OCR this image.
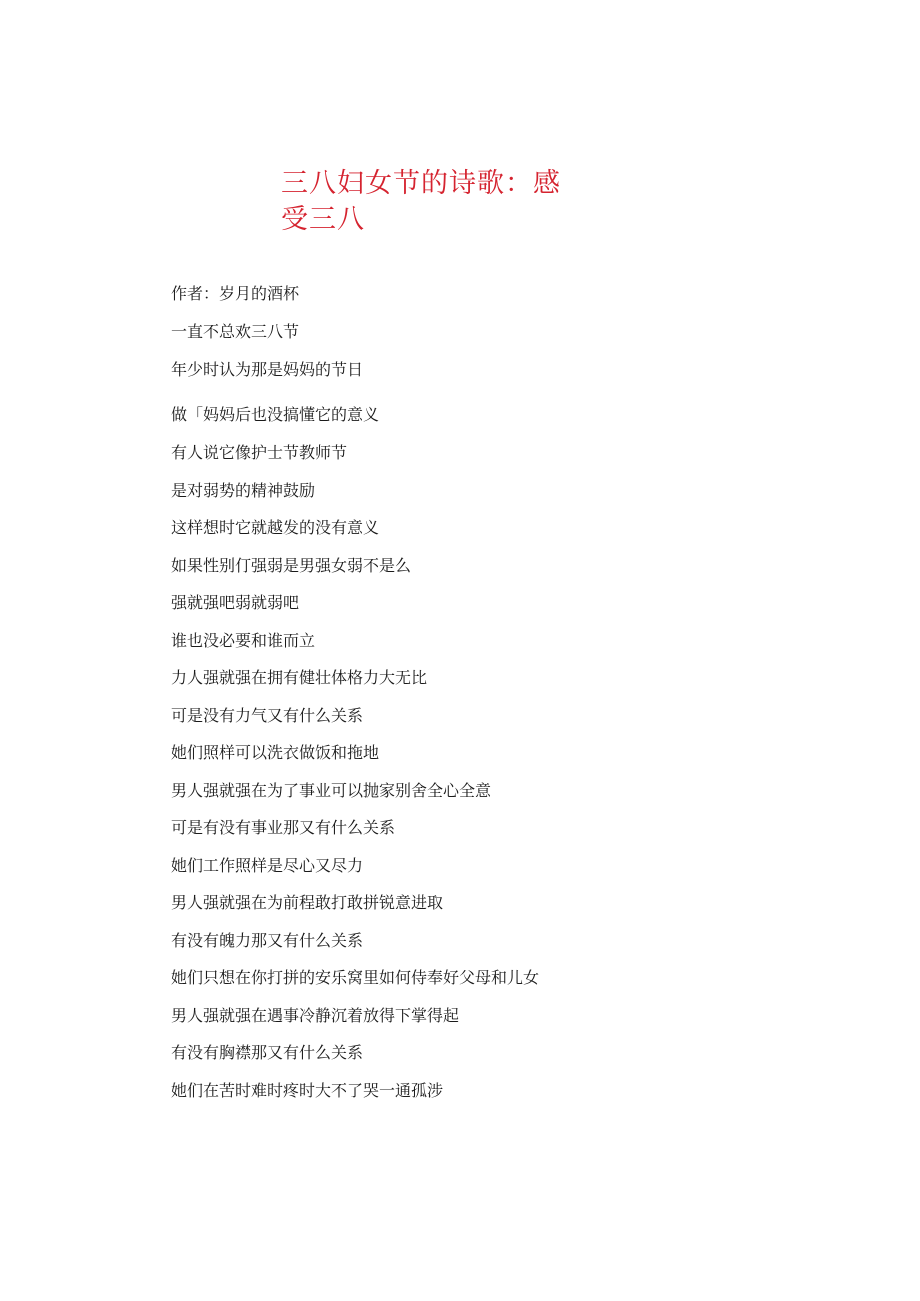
三八妇女节的诗歌：感受三八
作者：岁月的酒杯
一直不总欢三八节
年少时认为那是妈妈的节日
做「妈妈后也没搞懂它的意义
有人说它像护士节教师节
是对弱势的精神鼓励
这样想时它就越发的没有意义
如果性别仃强弱是男强女弱不是么
强就强吧弱就弱吧
谁也没必要和谁而立
力人强就强在拥有健壮体格力大无比
可是没有力气又有什么关系
她们照样可以洗衣做饭和拖地
男人强就强在为了事业可以抛家别舍全心全意
可是有没有事业那又有什么关系
她们工作照样是尽心又尽力
男人强就强在为前程敢打敢拼锐意进取
有没有魄力那又有什么关系
她们只想在你打拼的安乐窝里如何侍奉好父母和儿女
男人强就强在遇事冷静沉着放得下掌得起
有没有胸襟那又有什么关系
她们在苦时难时疼时大不了哭一通孤涉
